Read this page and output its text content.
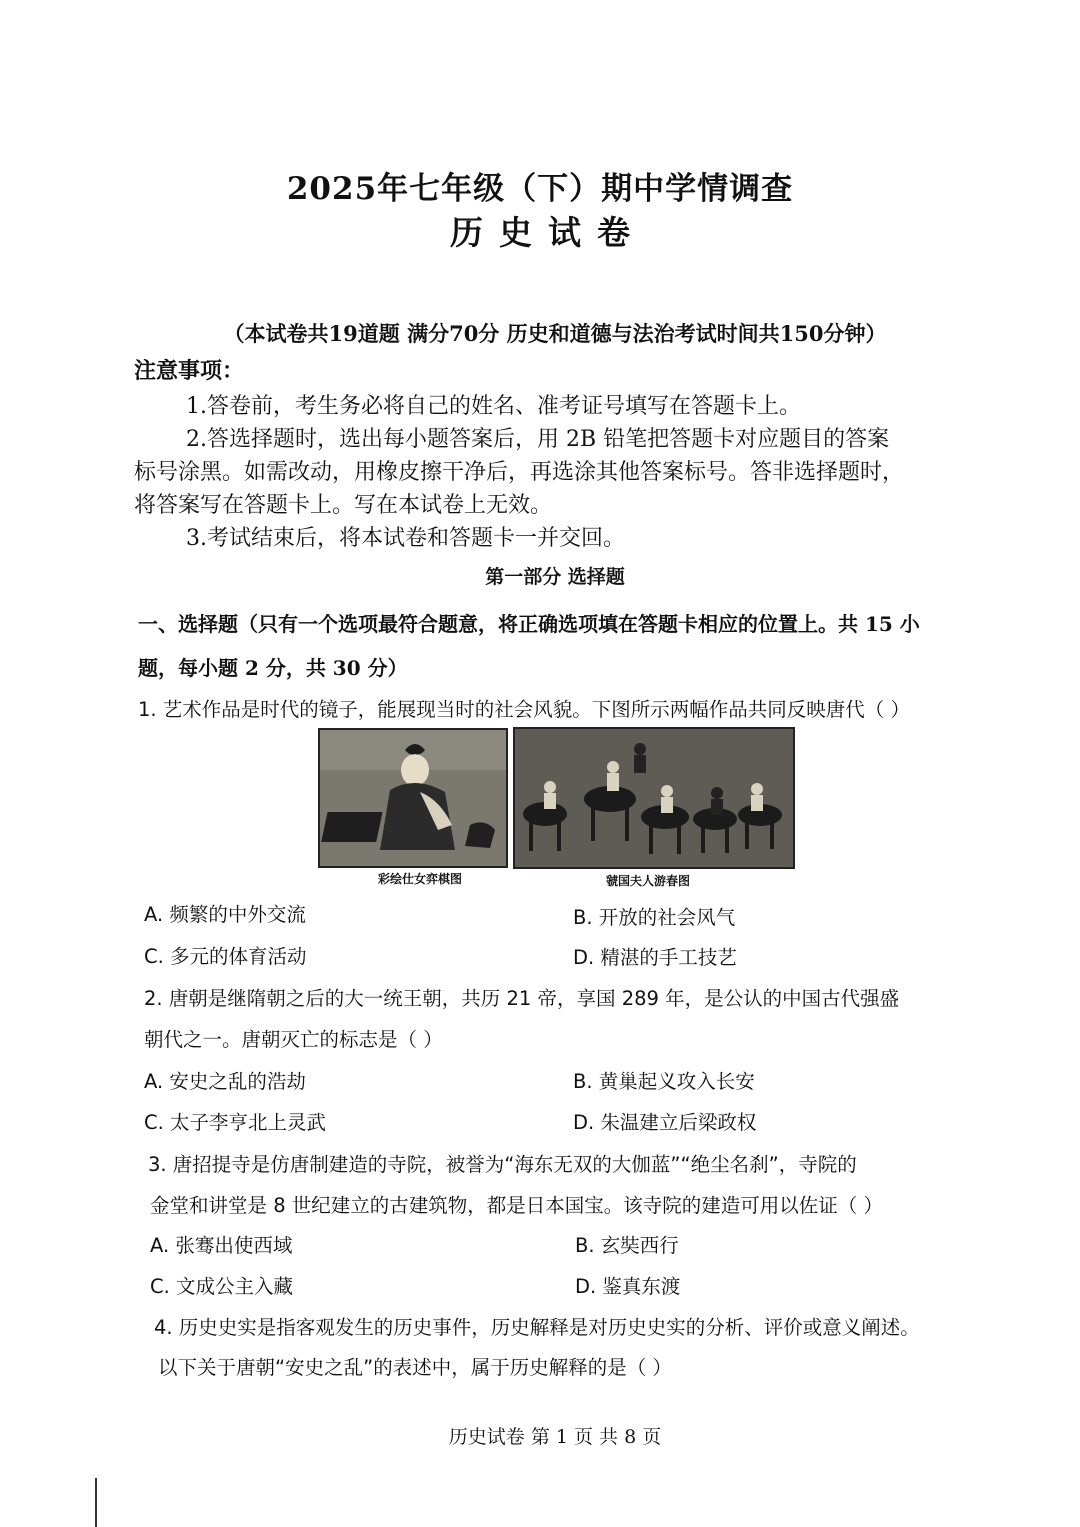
2025年七年级（下）期中学情调查
历史试卷
（本试卷共19道题 满分70分 历史和道德与法治考试时间共150分钟）
注意事项：
1.答卷前，考生务必将自己的姓名、准考证号填写在答题卡上。
2.答选择题时，选出每小题答案后，用 2B 铅笔把答题卡对应题目的答案
标号涂黑。如需改动，用橡皮擦干净后，再选涂其他答案标号。答非选择题时，
将答案写在答题卡上。写在本试卷上无效。
3.考试结束后，将本试卷和答题卡一并交回。
第一部分 选择题
一、选择题（只有一个选项最符合题意，将正确选项填在答题卡相应的位置上。共 15 小
题，每小题 2 分，共 30 分）
1. 艺术作品是时代的镜子，能展现当时的社会风貌。下图所示两幅作品共同反映唐代（ ）
彩绘仕女弈棋图	虢国夫人游春图
A. 频繁的中外交流	B. 开放的社会风气
C. 多元的体育活动	D. 精湛的手工技艺
2. 唐朝是继隋朝之后的大一统王朝，共历 21 帝，享国 289 年，是公认的中国古代强盛
朝代之一。唐朝灭亡的标志是（ ）
A. 安史之乱的浩劫	B. 黄巢起义攻入长安
C. 太子李亨北上灵武	D. 朱温建立后梁政权
3. 唐招提寺是仿唐制建造的寺院，被誉为“海东无双的大伽蓝”“绝尘名刹”，寺院的
金堂和讲堂是 8 世纪建立的古建筑物，都是日本国宝。该寺院的建造可用以佐证（ ）
A. 张骞出使西域	B. 玄奘西行
C. 文成公主入藏	D. 鉴真东渡
4. 历史史实是指客观发生的历史事件，历史解释是对历史史实的分析、评价或意义阐述。
以下关于唐朝“安史之乱”的表述中，属于历史解释的是（ ）
历史试卷 第 1 页 共 8 页
